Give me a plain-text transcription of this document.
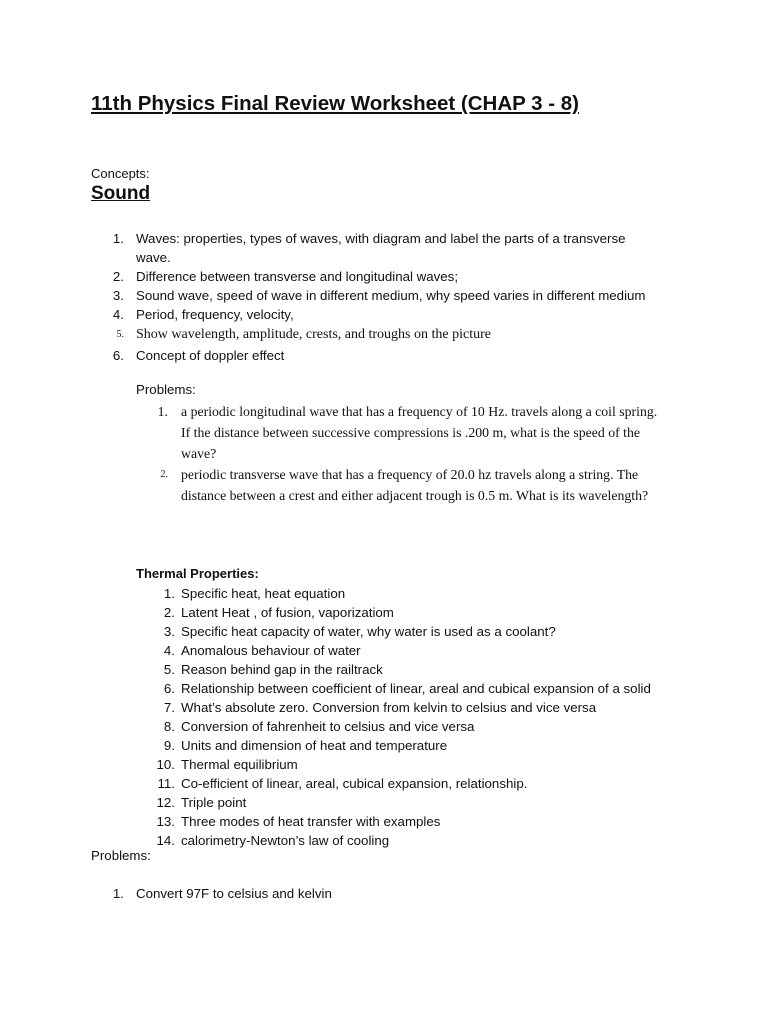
11th Physics Final Review Worksheet (CHAP 3 - 8)
Concepts:
Sound
1. Waves: properties, types of waves, with diagram and label the parts of a transverse
wave.
2. Difference between transverse and longitudinal waves;
3. Sound wave, speed of wave in different medium, why speed varies in different medium
4. Period, frequency, velocity,
5. Show wavelength, amplitude, crests, and troughs on the picture
6. Concept of doppler effect
Problems:
1. a periodic longitudinal wave that has a frequency of 10 Hz. travels along a coil spring. If the distance between successive compressions is .200 m, what is the speed of the wave?
2. periodic transverse wave that has a frequency of 20.0 hz travels along a string. The distance between a crest and either adjacent trough is 0.5 m. What is its wavelength?
Thermal Properties:
1. Specific heat, heat equation
2. Latent Heat , of fusion, vaporizatiom
3. Specific heat capacity of water, why water is used as a coolant?
4. Anomalous behaviour of water
5. Reason behind gap in the railtrack
6. Relationship between coefficient of linear, areal and cubical expansion of a solid
7. What’s absolute zero. Conversion from kelvin to celsius and vice versa
8. Conversion of fahrenheit to celsius and vice versa
9. Units and dimension of heat and temperature
10. Thermal equilibrium
11. Co-efficient of linear, areal, cubical expansion, relationship.
12. Triple point
13. Three modes of heat transfer with examples
14. calorimetry-Newton’s law of cooling
Problems:
1. Convert 97F to celsius and kelvin
